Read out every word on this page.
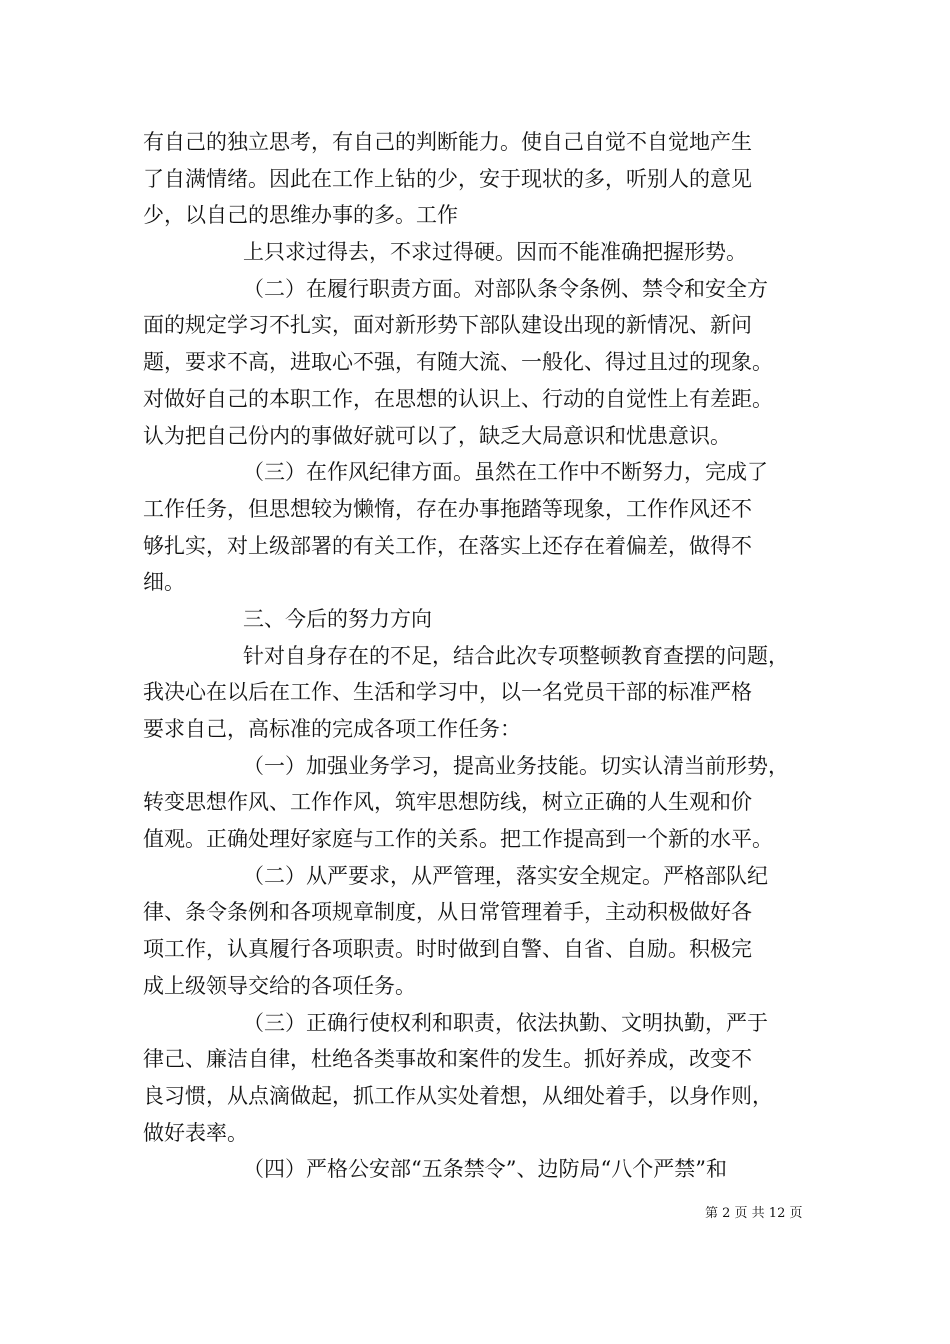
有自己的独立思考，有自己的判断能力。使自己自觉不自觉地产生
了自满情绪。因此在工作上钻的少，安于现状的多，听别人的意见
少，以自己的思维办事的多。工作
上只求过得去，不求过得硬。因而不能准确把握形势。
（二）在履行职责方面。对部队条令条例、禁令和安全方
面的规定学习不扎实，面对新形势下部队建设出现的新情况、新问
题，要求不高，进取心不强，有随大流、一般化、得过且过的现象。
对做好自己的本职工作，在思想的认识上、行动的自觉性上有差距。
认为把自己份内的事做好就可以了，缺乏大局意识和忧患意识。
（三）在作风纪律方面。虽然在工作中不断努力，完成了
工作任务，但思想较为懒惰，存在办事拖踏等现象，工作作风还不
够扎实，对上级部署的有关工作，在落实上还存在着偏差，做得不
细。
三、今后的努力方向
针对自身存在的不足，结合此次专项整顿教育查摆的问题，
我决心在以后在工作、生活和学习中，以一名党员干部的标准严格
要求自己，高标准的完成各项工作任务：
（一）加强业务学习，提高业务技能。切实认清当前形势，
转变思想作风、工作作风，筑牢思想防线，树立正确的人生观和价
值观。正确处理好家庭与工作的关系。把工作提高到一个新的水平。
（二）从严要求，从严管理，落实安全规定。严格部队纪
律、条令条例和各项规章制度，从日常管理着手，主动积极做好各
项工作，认真履行各项职责。时时做到自警、自省、自励。积极完
成上级领导交给的各项任务。
（三）正确行使权利和职责，依法执勤、文明执勤，严于
律己、廉洁自律，杜绝各类事故和案件的发生。抓好养成，改变不
良习惯，从点滴做起，抓工作从实处着想，从细处着手，以身作则，
做好表率。
（四）严格公安部“五条禁令”、边防局“八个严禁”和
第 2 页 共 12 页
